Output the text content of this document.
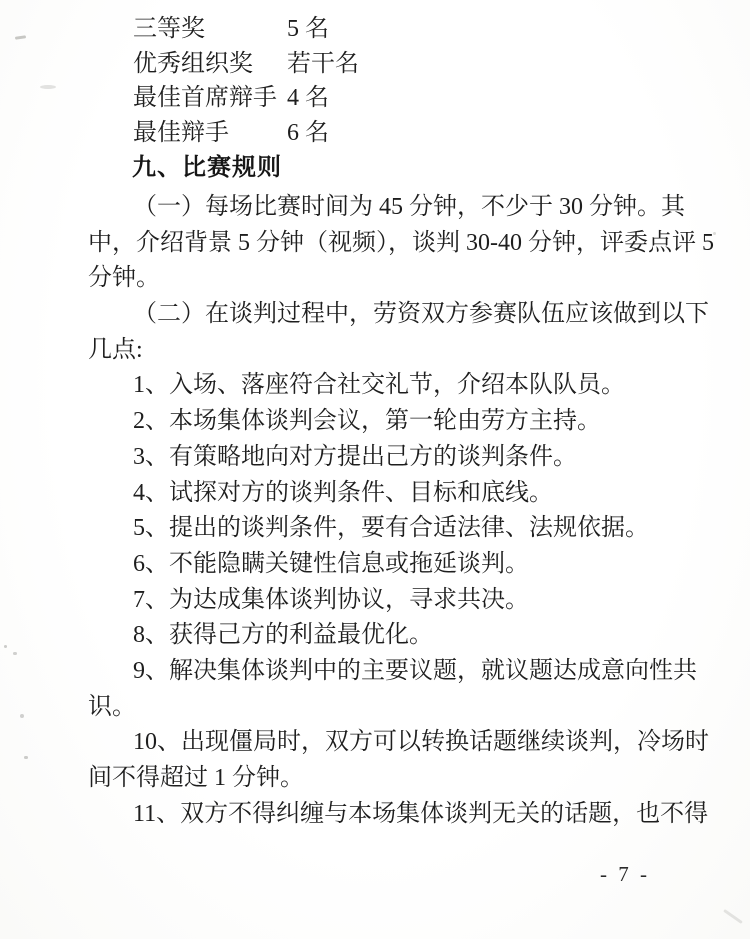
三等奖	5 名
优秀组织奖	若干名
最佳首席辩手 4 名
最佳辩手	6 名
九、比赛规则
（一）每场比赛时间为 45 分钟，不少于 30 分钟。其
中，介绍背景 5 分钟（视频），谈判 30-40 分钟，评委点评 5
分钟。
（二）在谈判过程中，劳资双方参赛队伍应该做到以下
几点:
1、入场、落座符合社交礼节，介绍本队队员。
2、本场集体谈判会议，第一轮由劳方主持。
3、有策略地向对方提出己方的谈判条件。
4、试探对方的谈判条件、目标和底线。
5、提出的谈判条件，要有合适法律、法规依据。
6、不能隐瞒关键性信息或拖延谈判。
7、为达成集体谈判协议，寻求共决。
8、获得己方的利益最优化。
9、解决集体谈判中的主要议题，就议题达成意向性共
识。
10、出现僵局时，双方可以转换话题继续谈判，冷场时
间不得超过 1 分钟。
11、双方不得纠缠与本场集体谈判无关的话题，也不得
- 7 -
